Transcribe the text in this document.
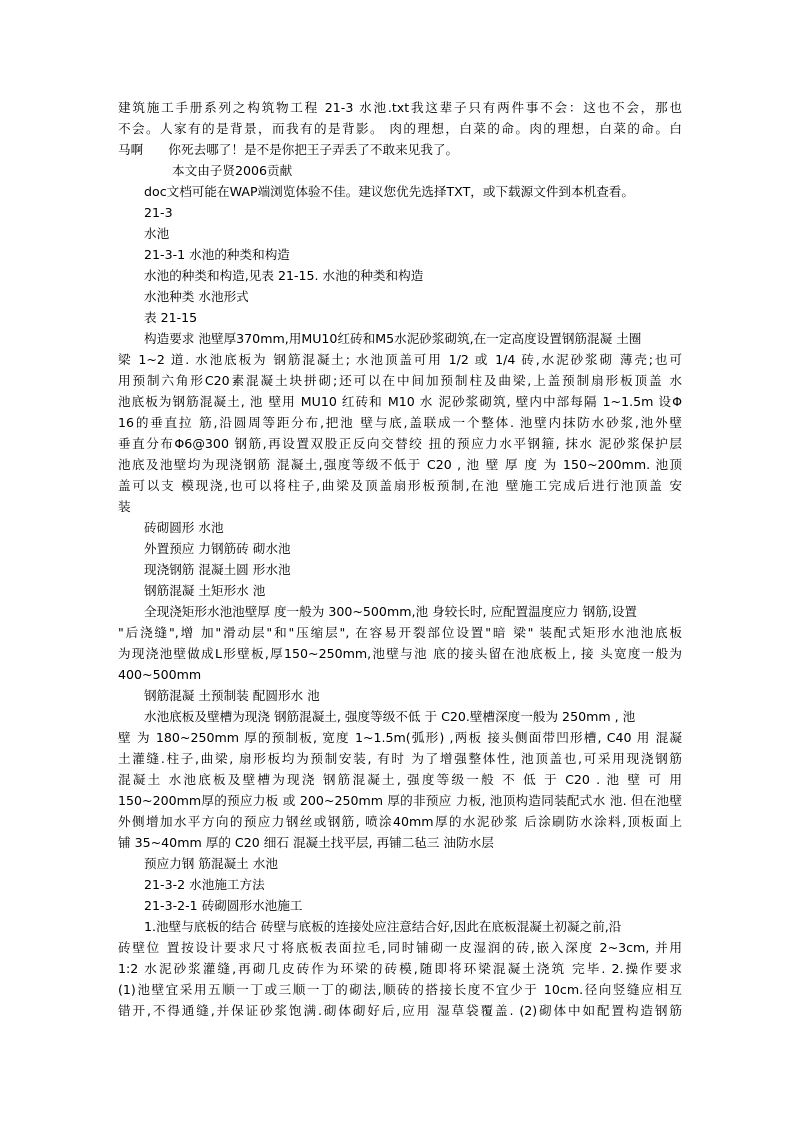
建筑施工手册系列之构筑物工程 21-3 水池.txt我这辈子只有两件事不会：这也不会，那也
不会。人家有的是背景，而我有的是背影。 肉的理想，白菜的命。肉的理想，白菜的命。白
马啊　　你死去哪了！是不是你把王子弄丢了不敢来见我了。
本文由子贤2006贡献
doc文档可能在WAP端浏览体验不佳。建议您优先选择TXT，或下载源文件到本机查看。
21-3
水池
21-3-1 水池的种类和构造
水池的种类和构造,见表 21-15. 水池的种类和构造
水池种类 水池形式
表 21-15
构造要求 池壁厚370mm,用MU10红砖和M5水泥砂浆砌筑,在一定高度设置钢筋混凝 土圈
梁 1~2 道. 水池底板为 钢筋混凝土; 水池顶盖可用 1/2 或 1/4 砖,水泥砂浆砌 薄壳;也可
用预制六角形C20素混凝土块拼砌;还可以在中间加预制柱及曲梁,上盖预制扇形板顶盖 水
池底板为钢筋混凝土, 池 壁用 MU10 红砖和 M10 水 泥砂浆砌筑, 壁内中部每隔 1~1.5m 设Φ
16的垂直拉 筋,沿圆周等距分布,把池 壁与底,盖联成一个整体. 池壁内抹防水砂浆,池外壁
垂直分布Φ6@300 钢筋,再设置双股正反向交替绞 扭的预应力水平钢箍, 抹水 泥砂浆保护层
池底及池壁均为现浇钢筋 混凝土,强度等级不低于 C20 , 池 壁 厚 度 为 150~200mm. 池顶
盖可以支 模现浇,也可以将柱子,曲梁及顶盖扇形板预制,在池 壁施工完成后进行池顶盖 安
装
砖砌圆形 水池
外置预应 力钢筋砖 砌水池
现浇钢筋 混凝土圆 形水池
钢筋混凝 土矩形水 池
全现浇矩形水池池壁厚 度一般为 300~500mm,池 身较长时, 应配置温度应力 钢筋,设置
"后浇缝",增 加"滑动层"和"压缩层", 在容易开裂部位设置"暗 梁" 装配式矩形水池池底板
为现浇池壁做成L形壁板,厚150~250mm,池壁与池 底的接头留在池底板上, 接 头宽度一般为
400~500mm
钢筋混凝 土预制装 配圆形水 池
水池底板及壁槽为现浇 钢筋混凝土, 强度等级不低 于 C20.壁槽深度一般为 250mm , 池
壁 为 180~250mm 厚的预制板, 宽度 1~1.5m(弧形) ,两板 接头侧面带凹形槽, C40 用 混凝
土灌缝.柱子,曲梁, 扇形板均为预制安装, 有时 为了增强整体性, 池顶盖也,可采用现浇钢筋
混凝土 水池底板及壁槽为现浇 钢筋混凝土, 强度等级一般 不 低 于 C20 . 池 壁 可 用
150~200mm厚的预应力板 或 200~250mm 厚的非预应 力板, 池顶构造同装配式水 池. 但在池壁
外侧增加水平方向的预应力钢丝或钢筋, 喷涂40mm厚的水泥砂浆 后涂刷防水涂料,顶板面上
铺 35~40mm 厚的 C20 细石 混凝土找平层, 再铺二毡三 油防水层
预应力钢 筋混凝土 水池
21-3-2 水池施工方法
21-3-2-1 砖砌圆形水池施工
1.池壁与底板的结合 砖壁与底板的连接处应注意结合好,因此在底板混凝土初凝之前,沿
砖壁位 置按设计要求尺寸将底板表面拉毛,同时铺砌一皮湿润的砖,嵌入深度 2~3cm, 并用
1:2 水泥砂浆灌缝,再砌几皮砖作为环梁的砖模,随即将环梁混凝土浇筑 完毕. 2.操作要求
(1)池壁宜采用五顺一丁或三顺一丁的砌法,顺砖的搭接长度不宜少于 10cm.径向竖缝应相互
错开,不得通缝,并保证砂浆饱满.砌体砌好后,应用 湿草袋覆盖. (2)砌体中如配置构造钢筋
